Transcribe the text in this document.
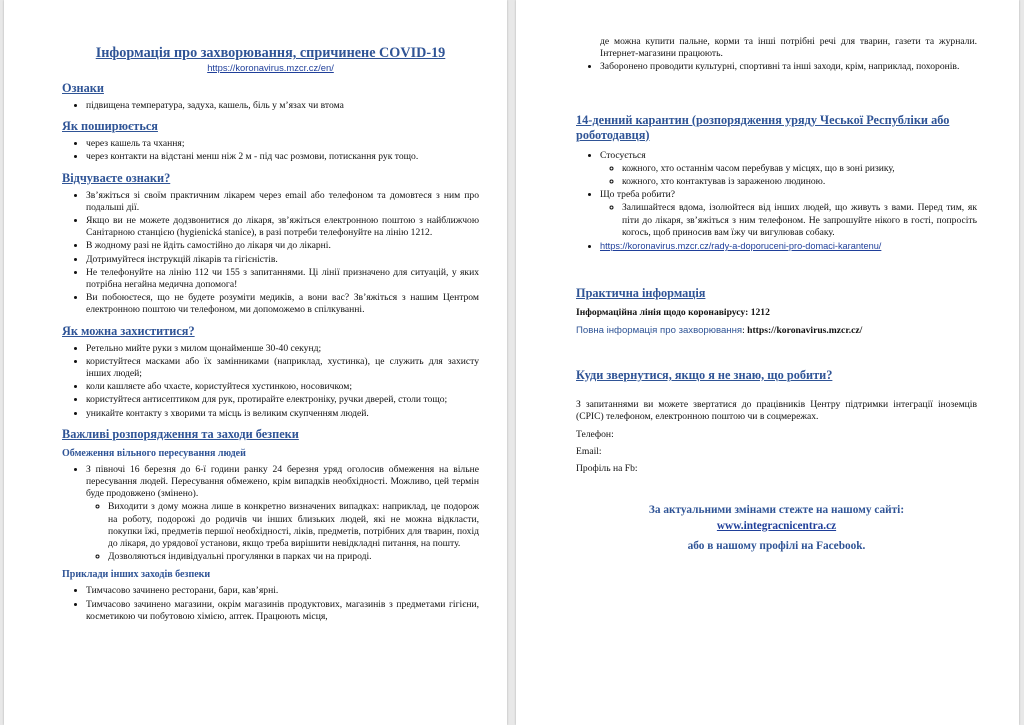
Інформація про захворювання, спричинене COVID-19
https://koronavirus.mzcr.cz/en/
Ознаки
• підвищена температура, задуха, кашель, біль у м’язах чи втома
Як поширюється
• через кашель та чхання;
• через контакти на відстані менш ніж 2 м - під час розмови, потискання рук тощо.
Відчуваєте ознаки?
• Зв’яжіться зі своїм практичним лікарем через email або телефоном та домовтеся з ним про подальші дії.
• Якщо ви не можете додзвонитися до лікаря, зв’яжіться електронною поштою з найближчою Санітарною станцією (hygienická stanice), в разі потреби телефонуйте на лінію 1212.
• В жодному разі не йдіть самостійно до лікаря чи до лікарні.
• Дотримуйтеся інструкцій лікарів та гігієністів.
• Не телефонуйте на лінію 112 чи 155 з запитаннями. Ці лінії призначено для ситуацій, у яких потрібна негайна медична допомога!
• Ви побоюєтеся, що не будете розуміти медиків, а вони вас? Зв’яжіться з нашим Центром електронною поштою чи телефоном, ми допоможемо в спілкуванні.
Як можна захиститися?
• Ретельно мийте руки з милом щонайменше 30-40 секунд;
• користуйтеся масками або їх замінниками (наприклад, хустинка), це служить для захисту інших людей;
• коли кашляєте або чхаєте, користуйтеся хустинкою, носовичком;
• користуйтеся антисептиком для рук, протирайте електроніку, ручки дверей, столи тощо;
• уникайте контакту з хворими та місць із великим скупченням людей.
Важливі розпорядження та заходи безпеки
Обмеження вільного пересування людей
• З півночі 16 березня до 6-ї години ранку 24 березня уряд оголосив обмеження на вільне пересування людей. Пересування обмежено, крім випадків необхідності. Можливо, цей термін буде продовжено (змінено).
◦ Виходити з дому можна лише в конкретно визначених випадках: наприклад, це подорож на роботу, подорожі до родичів чи інших близьких людей, які не можна відкласти, покупки їжі, предметів першої необхідності, ліків, предметів, потрібних для тварин, похід до лікаря, до урядової установи, якщо треба вирішити невідкладні питання, на пошту.
◦ Дозволяються індивідуальні прогулянки в парках чи на природі.
Приклади інших заходів безпеки
• Тимчасово зачинено ресторани, бари, кав’ярні.
• Тимчасово зачинено магазини, окрім магазинів продуктових, магазинів з предметами гігієни, косметикою чи побутовою хімією, аптек. Працюють місця,

де можна купити пальне, корми та інші потрібні речі для тварин, газети та журнали. Інтернет-магазини працюють.

• Заборонено проводити культурні, спортивні та інші заходи, крім, наприклад, похоронів.
14-денний карантин (розпорядження уряду Чеської Республіки або роботодавця)
• Стосується
◦ кожного, хто останнім часом перебував у місцях, що в зоні ризику,
◦ кожного, хто контактував із зараженою людиною.
• Що треба робити?
◦ Залишайтеся вдома, ізолюйтеся від інших людей, що живуть з вами. Перед тим, як піти до лікаря, зв’яжіться з ним телефоном. Не запрошуйте нікого в гості, попросіть когось, щоб приносив вам їжу чи вигулював собаку.
• https://koronavirus.mzcr.cz/rady-a-doporuceni-pro-domaci-karantenu/
Практична інформація

Інформаційна лінія щодо коронавірусу: 1212

Повна інформація про захворювання: https://koronavirus.mzcr.cz/

Куди звернутися, якщо я не знаю, що робити?

З запитаннями ви можете звертатися до працівників Центру підтримки інтеграції іноземців (CPIC) телефоном, електронною поштою чи в соцмережах.

Телефон:

Email:

Профіль на Fb:

За актуальними змінами стежте на нашому сайті:
www.integracnicentra.cz
або в нашому профілі на Facebook.
